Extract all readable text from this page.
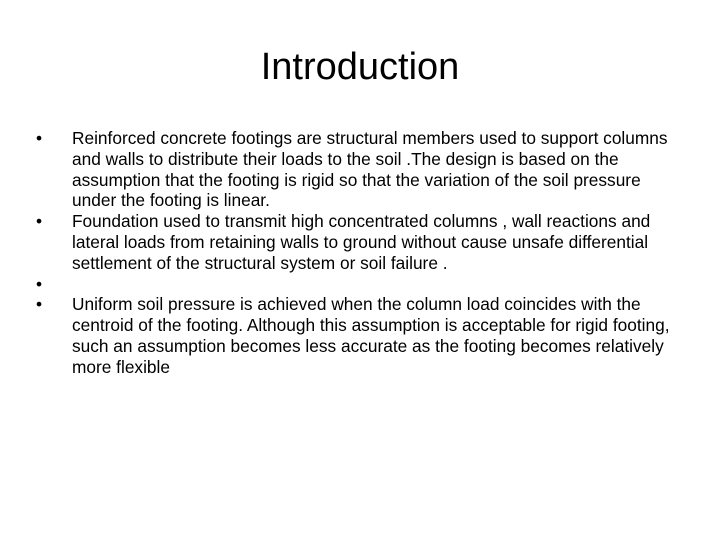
Introduction
•	Reinforced concrete footings are structural members used to support columns and walls to distribute their loads to the soil .The design is based on the assumption that the footing is rigid so that the variation of the soil pressure under the footing is linear.
•	Foundation used to transmit high concentrated columns , wall reactions and lateral loads from retaining walls to ground without cause unsafe differential settlement of the structural system or soil failure .
•

•	Uniform soil pressure is achieved when the column load coincides with the centroid of the footing. Although this assumption is acceptable for rigid footing, such an assumption becomes less accurate as the footing becomes relatively more flexible
